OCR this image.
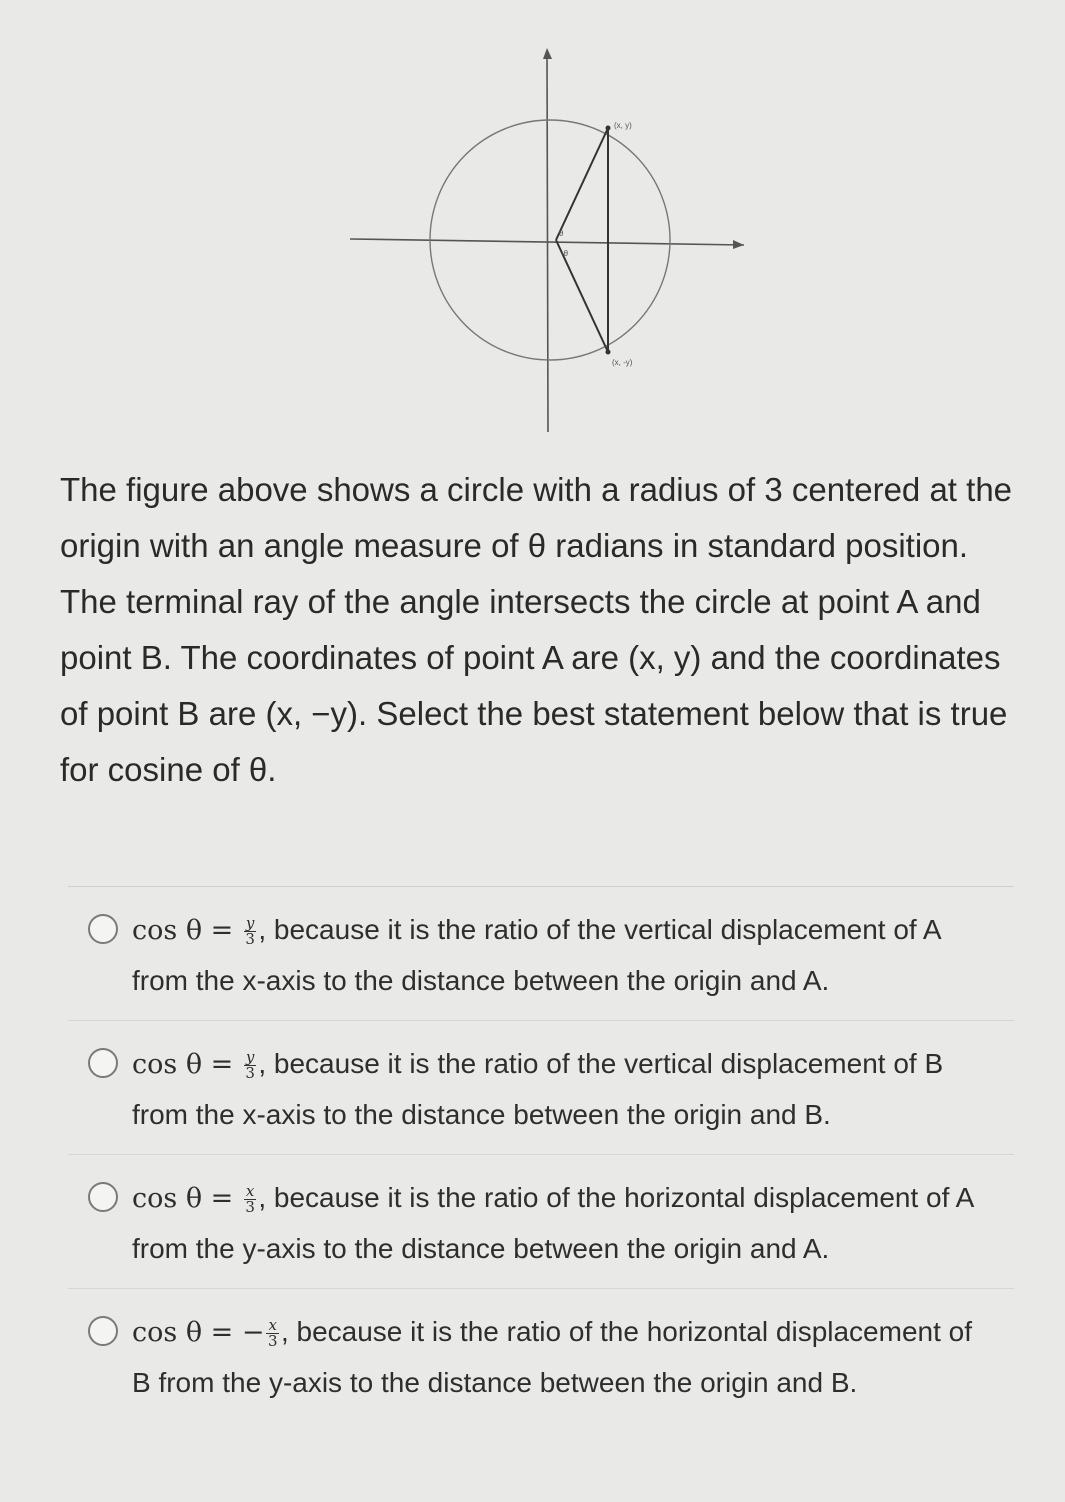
(x, y)
(x, -y)
θ
-θ
The figure above shows a circle with a radius of 3 centered at the origin with an angle measure of θ radians in standard position. The terminal ray of the angle intersects the circle at point A and point B. The coordinates of point A are (x, y) and the coordinates of point B are (x, −y). Select the best statement below that is true for cosine of θ.
$\cos \theta = \frac{y}{3}$ , because it is the ratio of the vertical displacement of A from the x-axis to the distance between the origin and A.
$\cos \theta = \frac{y}{3}$ , because it is the ratio of the vertical displacement of B from the x-axis to the distance between the origin and B.
$\cos \theta = \frac{x}{3}$ , because it is the ratio of the horizontal displacement of A from the y-axis to the distance between the origin and A.
cos θ = − $\frac{x}{3}$ , because it is the ratio of the horizontal displacement of B from the y-axis to the distance between the origin and B.
